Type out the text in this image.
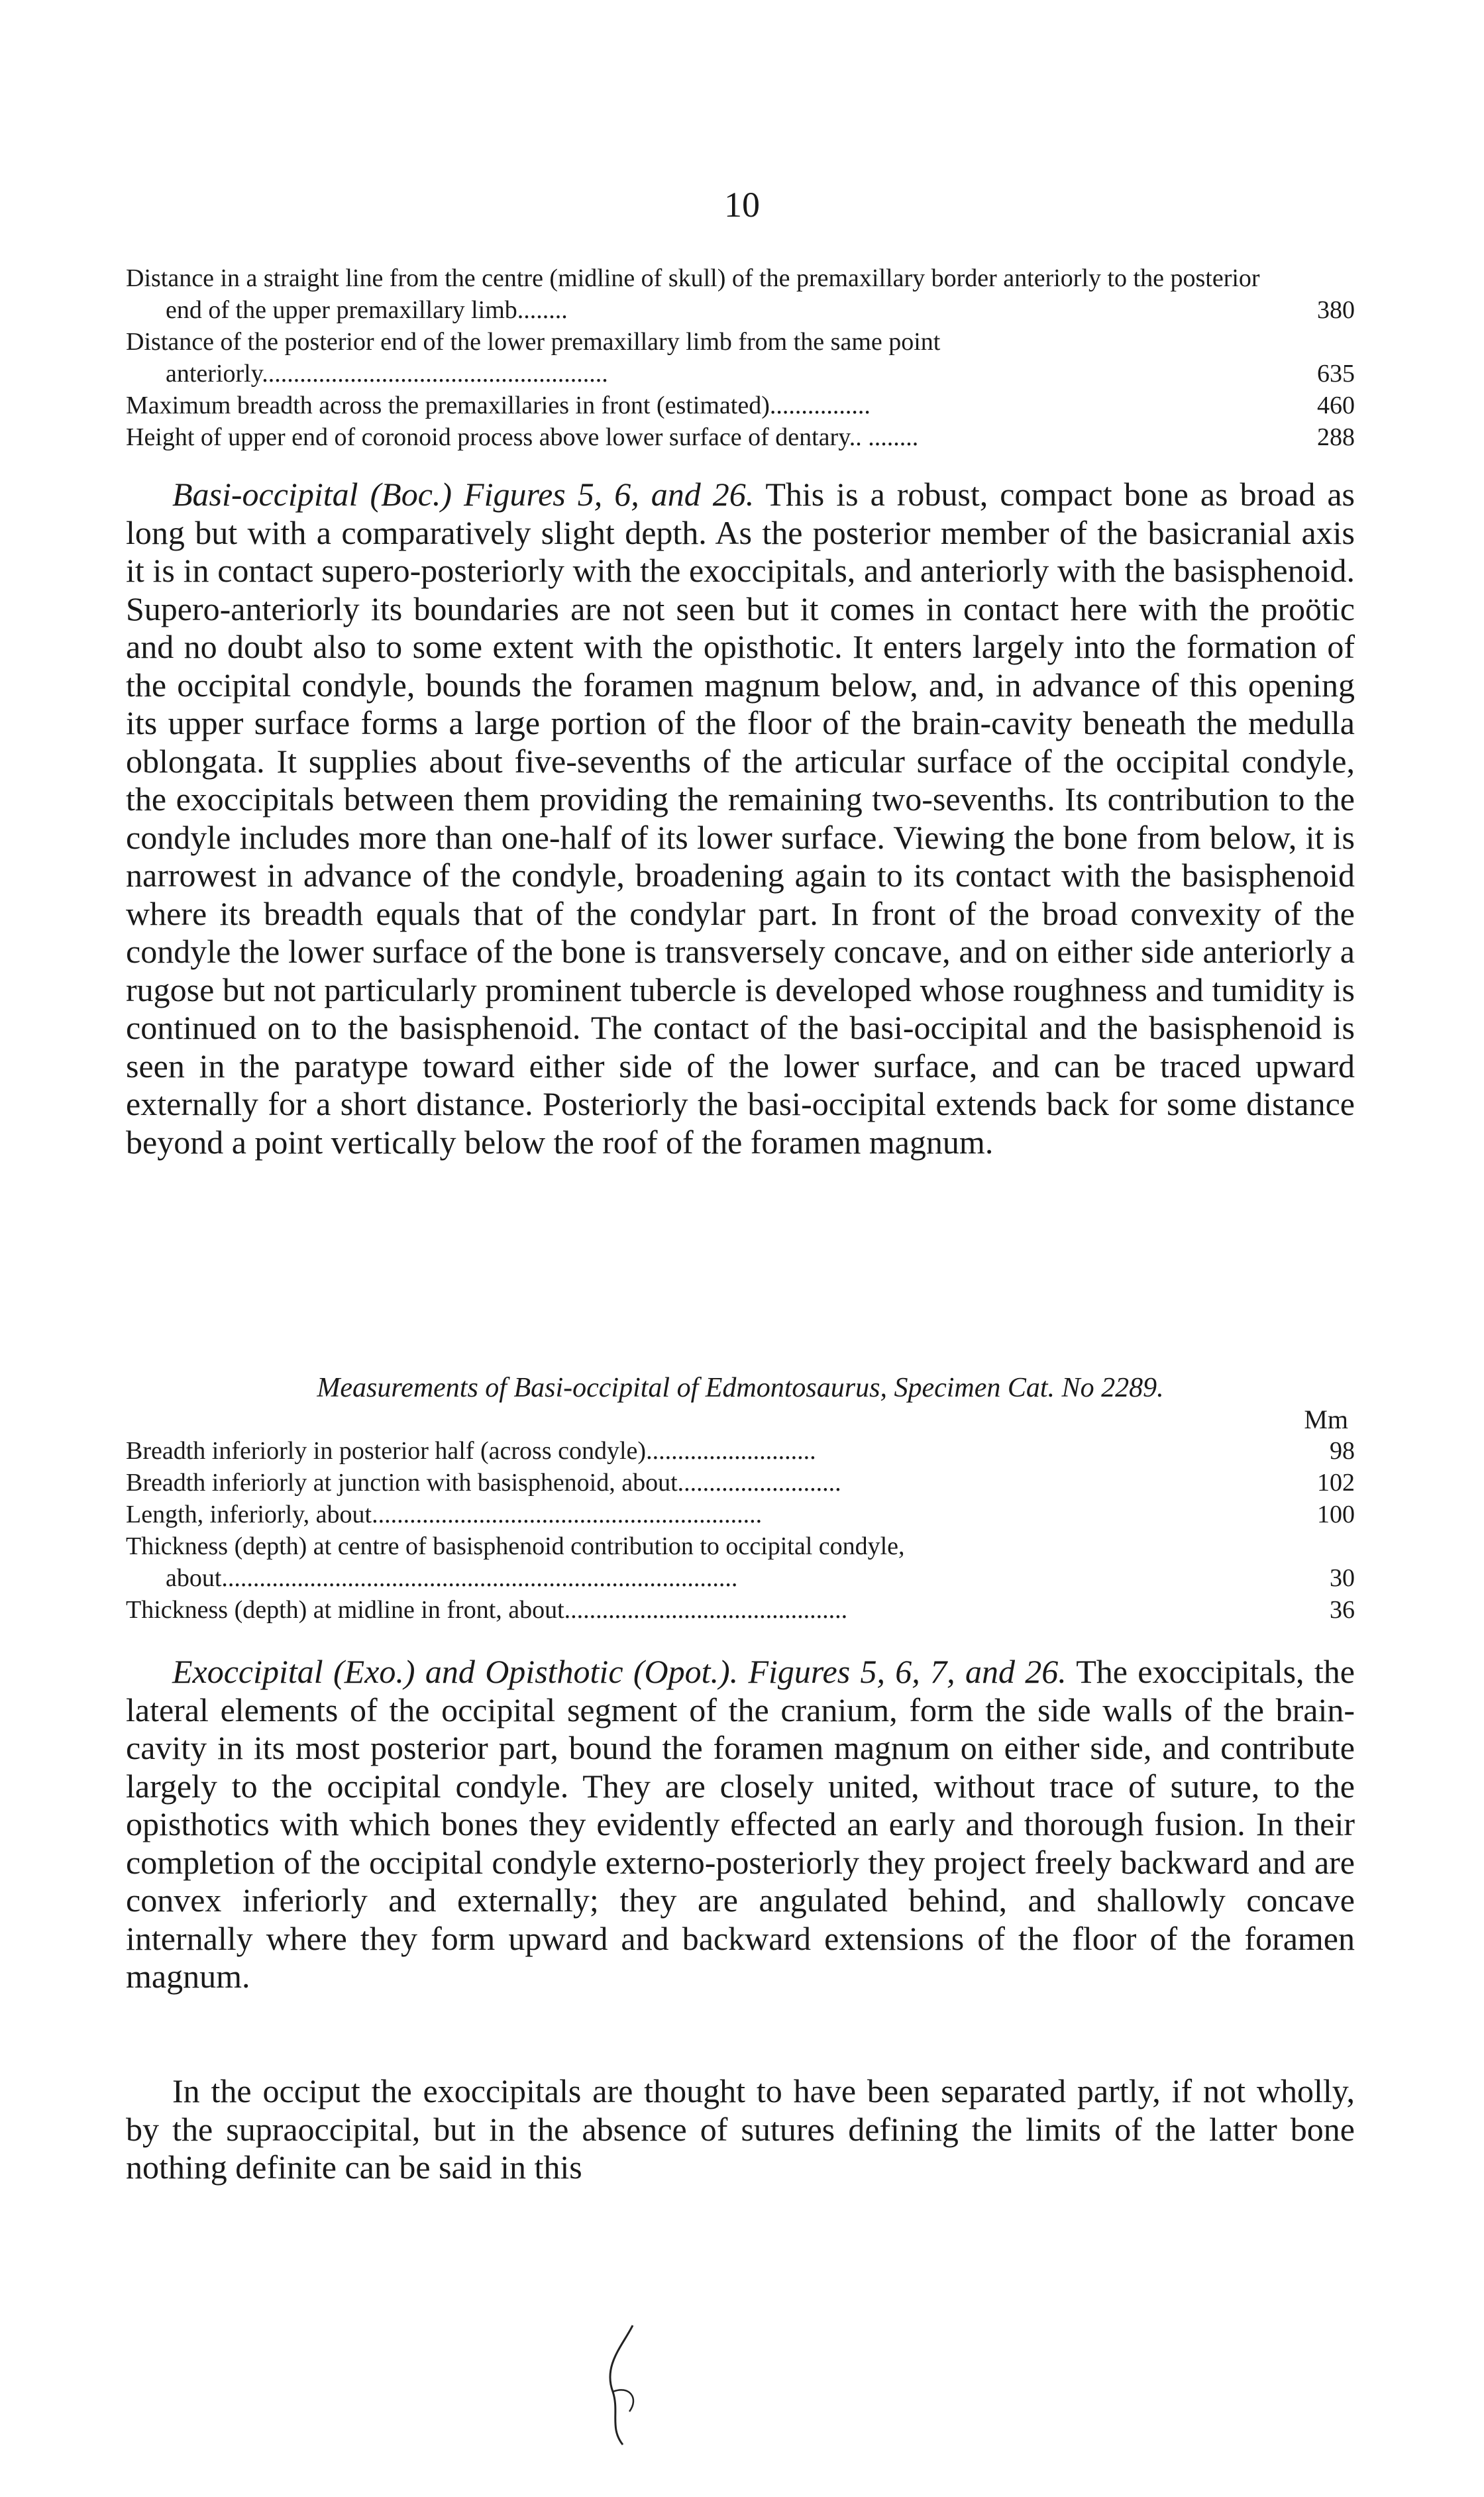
10
Distance in a straight line from the centre (midline of skull) of the premaxillary border anteriorly to the posterior end of the upper premaxillary limb........	380
Distance of the posterior end of the lower premaxillary limb from the same point anteriorly.......................................................	635
Maximum breadth across the premaxillaries in front (estimated)................	460
Height of upper end of coronoid process above lower surface of dentary.. ........	288

Basi-occipital (Boc.) Figures 5, 6, and 26. This is a robust, compact bone as broad as long but with a comparatively slight depth. As the posterior member of the basicranial axis it is in contact supero-posteriorly with the exoccipitals, and anteriorly with the basisphenoid. Supero-anteriorly its boundaries are not seen but it comes in contact here with the proötic and no doubt also to some extent with the opisthotic. It enters largely into the formation of the occipital condyle, bounds the foramen magnum below, and, in advance of this opening its upper surface forms a large portion of the floor of the brain-cavity beneath the medulla oblongata. It supplies about five-sevenths of the articular surface of the occipital condyle, the exoccipitals between them providing the remaining two-sevenths. Its contribution to the condyle includes more than one-half of its lower surface. Viewing the bone from below, it is narrowest in advance of the condyle, broadening again to its contact with the basisphenoid where its breadth equals that of the condylar part. In front of the broad convexity of the condyle the lower surface of the bone is transversely concave, and on either side anteriorly a rugose but not particularly prominent tubercle is developed whose roughness and tumidity is continued on to the basisphenoid. The contact of the basi-occipital and the basisphenoid is seen in the paratype toward either side of the lower surface, and can be traced upward externally for a short distance. Posteriorly the basi-occipital extends back for some distance beyond a point vertically below the roof of the foramen magnum.

Measurements of Basi-occipital of Edmontosaurus, Specimen Cat. No 2289.
Mm
Breadth inferiorly in posterior half (across condyle)...........................	98
Breadth inferiorly at junction with basisphenoid, about..........................	102
Length, inferiorly, about..............................................................	100
Thickness (depth) at centre of basisphenoid contribution to occipital condyle, about..................................................................................	30
Thickness (depth) at midline in front, about.............................................	36

Exoccipital (Exo.) and Opisthotic (Opot.). Figures 5, 6, 7, and 26. The exoccipitals, the lateral elements of the occipital segment of the cranium, form the side walls of the brain-cavity in its most posterior part, bound the foramen magnum on either side, and contribute largely to the occipital condyle. They are closely united, without trace of suture, to the opisthotics with which bones they evidently effected an early and thorough fusion. In their completion of the occipital condyle externo-posteriorly they project freely backward and are convex inferiorly and externally; they are angulated behind, and shallowly concave internally where they form upward and backward extensions of the floor of the foramen magnum.

In the occiput the exoccipitals are thought to have been separated partly, if not wholly, by the supraoccipital, but in the absence of sutures defining the limits of the latter bone nothing definite can be said in this
